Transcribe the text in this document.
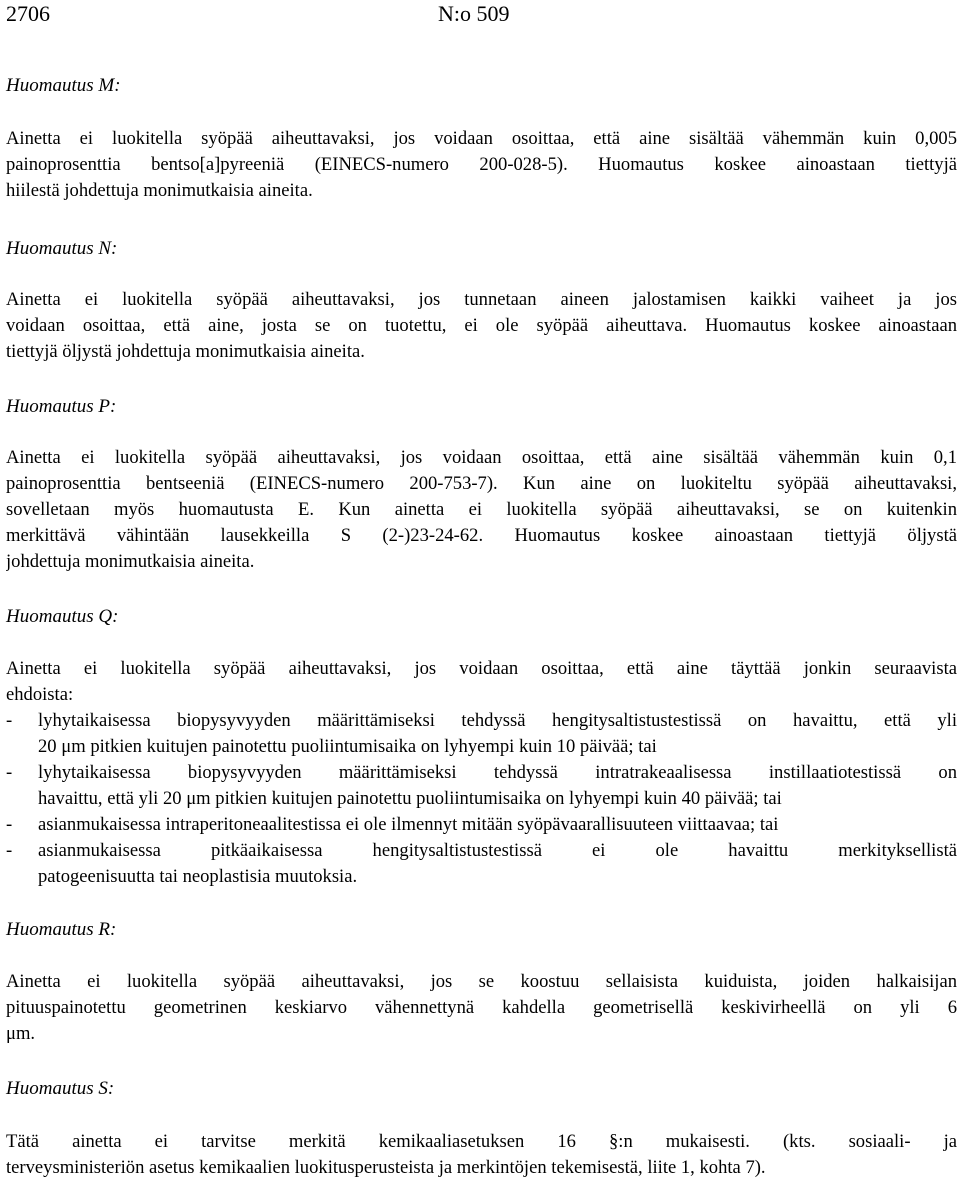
2706	N:o 509
Huomautus M:
Ainetta ei luokitella syöpää aiheuttavaksi, jos voidaan osoittaa, että aine sisältää vähemmän kuin 0,005
painoprosenttia bentso[a]pyreeniä (EINECS-numero 200-028-5). Huomautus koskee ainoastaan tiettyjä
hiilestä johdettuja monimutkaisia aineita.
Huomautus N:
Ainetta ei luokitella syöpää aiheuttavaksi, jos tunnetaan aineen jalostamisen kaikki vaiheet ja jos
voidaan osoittaa, että aine, josta se on tuotettu, ei ole syöpää aiheuttava. Huomautus koskee ainoastaan
tiettyjä öljystä johdettuja monimutkaisia aineita.
Huomautus P:
Ainetta ei luokitella syöpää aiheuttavaksi, jos voidaan osoittaa, että aine sisältää vähemmän kuin 0,1
painoprosenttia bentseeniä (EINECS-numero 200-753-7). Kun aine on luokiteltu syöpää aiheuttavaksi,
sovelletaan myös huomautusta E. Kun ainetta ei luokitella syöpää aiheuttavaksi, se on kuitenkin
merkittävä vähintään lausekkeilla S (2-)23-24-62. Huomautus koskee ainoastaan tiettyjä öljystä
johdettuja monimutkaisia aineita.
Huomautus Q:
Ainetta ei luokitella syöpää aiheuttavaksi, jos voidaan osoittaa, että aine täyttää jonkin seuraavista
ehdoista:
- lyhytaikaisessa biopysyvyyden määrittämiseksi tehdyssä hengitysaltistustestissä on havaittu, että yli
20 μm pitkien kuitujen painotettu puoliintumisaika on lyhyempi kuin 10 päivää; tai
- lyhytaikaisessa biopysyvyyden määrittämiseksi tehdyssä intratrakeaalisessa instillaatiotestissä on
havaittu, että yli 20 μm pitkien kuitujen painotettu puoliintumisaika on lyhyempi kuin 40 päivää; tai
- asianmukaisessa intraperitoneaalitestissa ei ole ilmennyt mitään syöpävaarallisuuteen viittaavaa; tai
- asianmukaisessa pitkäaikaisessa hengitysaltistustestissä ei ole havaittu merkityksellistä
patogeenisuutta tai neoplastisia muutoksia.
Huomautus R:
Ainetta ei luokitella syöpää aiheuttavaksi, jos se koostuu sellaisista kuiduista, joiden halkaisijan
pituuspainotettu geometrinen keskiarvo vähennettynä kahdella geometrisellä keskivirheellä on yli 6
μm.
Huomautus S:
Tätä ainetta ei tarvitse merkitä kemikaaliasetuksen 16 §:n mukaisesti. (kts. sosiaali- ja
terveysministeriön asetus kemikaalien luokitusperusteista ja merkintöjen tekemisestä, liite 1, kohta 7).
